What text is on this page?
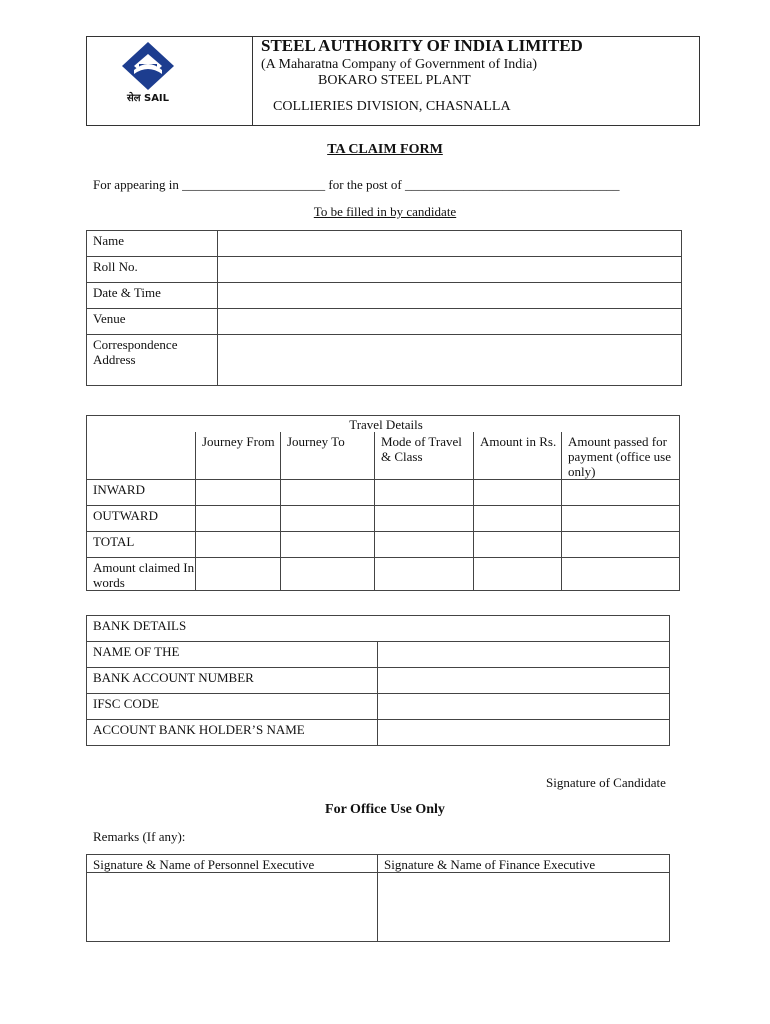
सेल SAIL
STEEL AUTHORITY OF INDIA LIMITED
(A Maharatna Company of Government of India)
BOKARO STEEL PLANT
COLLIERIES DIVISION, CHASNALLA
TA CLAIM FORM
For appearing in ______________________ for the post of _________________________________
To be filled in by candidate
Name	
Roll No.	
Date & Time	
Venue	
Correspondence Address	
Travel Details					
	Journey From	Journey To	Mode of Travel & Class	Amount in Rs.	Amount passed for payment (office use only)
INWARD					
OUTWARD					
TOTAL					
Amount claimed In words					
BANK DETAILS	
NAME OF THE	
BANK ACCOUNT NUMBER	
IFSC CODE	
ACCOUNT BANK HOLDER’S NAME	
Signature of Candidate
For Office Use Only
Remarks (If any):
Signature & Name of Personnel Executive	Signature & Name of Finance Executive
